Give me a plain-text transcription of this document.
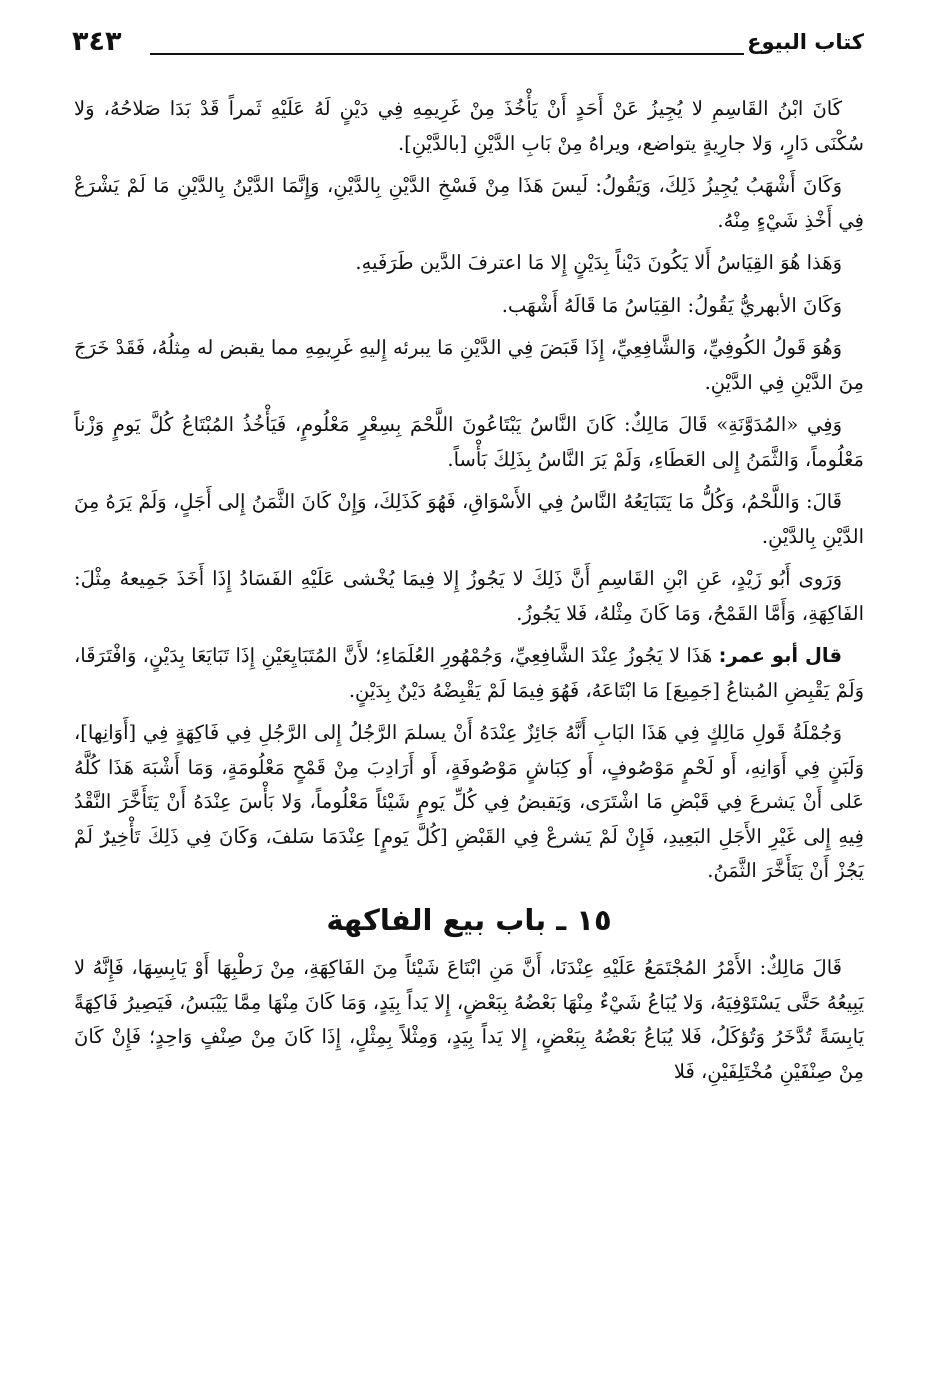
كتاب البيوع
٣٤٣

كَانَ ابْنُ القَاسِمِ لا يُجِيزُ عَنْ أَحَدٍ أَنْ يَأْخُذَ مِنْ غَرِيمِهِ فِي دَيْنٍ لَهُ عَلَيْهِ ثَمراً قَدْ بَدَا صَلاحُهُ، وَلا سُكْنَى دَارٍ، وَلا جارِيةٍ يتواضع، ويراهُ مِنْ بَابِ الدَّيْنِ [بالدَّيْنِ].

وَكَانَ أَشْهَبُ يُجِيزُ ذَلِكَ، وَيَقُولُ: لَيسَ هَذَا مِنْ فَسْخِ الدَّيْنِ بِالدَّيْنِ، وَإِنَّمَا الدَّيْنُ بِالدَّيْنِ مَا لَمْ يَشْرَعْ فِي أَخْذِ شَيْءٍ مِنْهُ.

وَهَذا هُوَ القِيَاسُ أَلا يَكُونَ دَيْناً بِدَيْنٍ إِلا مَا اعترفَ الدَّين طَرَفَيهِ.

وَكَانَ الأبهريُّ يَقُولُ: القِيَاسُ مَا قَالَهُ أَشْهَب.

وَهُوَ قَولُ الكُوفِيِّ، وَالشَّافِعِيِّ، إِذَا قَبَضَ فِي الدَّيْنِ مَا يبرئه إِليهِ غَرِيمِهِ مما يقبض له مِثلُهُ، فَقَدْ خَرَجَ مِنَ الدَّيْنِ فِي الدَّيْنِ.

وَفِي «المُدَوَّنَةِ» قَالَ مَالِكٌ: كَانَ النَّاسُ يَبْتَاعُونَ اللَّحْمَ بِسِعْرٍ مَعْلُومٍ، فَيَأْخُذُ المُبْتَاعُ كُلَّ يَومٍ وَزْناً مَعْلُوماً، وَالثَّمَنُ إِلى العَطَاءِ، وَلَمْ يَرَ النَّاسُ بِذَلِكَ بَأْساً.

قَالَ: وَاللَّحْمُ، وَكُلُّ مَا يَتَبَايَعُهُ النَّاسُ فِي الأَسْوَاقِ، فَهُوَ كَذَلِكَ، وَإِنْ كَانَ الثَّمَنُ إِلى أَجَلٍ، وَلَمْ يَرَهُ مِنَ الدَّيْنِ بِالدَّيْنِ.

وَرَوى أَبُو زَيْدٍ، عَنِ ابْنِ القَاسِمِ أَنَّ ذَلِكَ لا يَجُوزُ إِلا فِيمَا يُخْشى عَلَيْهِ الفَسَادُ إِذَا أَخَذَ جَمِيعهُ مِثْلَ: الفَاكِهَةِ، وَأَمَّا القَمْحُ، وَمَا كَانَ مِثْلهُ، فَلا يَجُوزُ.

قال أبو عمر: هَذَا لا يَجُوزُ عِنْدَ الشَّافِعِيِّ، وَجُمْهُورِ العُلَمَاءِ؛ لأَنَّ المُتَبَايِعَيْنِ إِذَا تَبَايَعَا بِدَيْنٍ، وَافْتَرَقَا، وَلَمْ يَقْبِضِ المُبتاعُ [جَمِيعَ] مَا ابْتَاعَهُ، فَهُوَ فِيمَا لَمْ يَقْبِضْهُ دَيْنٌ بِدَيْنٍ.

وَجُمْلَةُ قَولِ مَالِكٍ فِي هَذَا البَابِ أَنَّهُ جَائِزٌ عِنْدَهُ أَنْ يسلمَ الرَّجُلُ إِلى الرَّجُلِ فِي فَاكِهَةٍ فِي [أَوَانِها]، وَلَبَنٍ فِي أَوَانِهِ، أَو لَحْمٍ مَوْصُوفٍ، أَو كِبَاشٍ مَوْصُوفَةٍ، أَو أَرَادِبَ مِنْ قَمْحٍ مَعْلُومَةٍ، وَمَا أَشْبَهَ هَذَا كُلَّهُ عَلى أَنْ يَشرعَ فِي قَبْضِ مَا اشْتَرَى، وَيَقبضُ فِي كُلِّ يَومٍ شَيْئاً مَعْلُوماً، وَلا بَأْسَ عِنْدَهُ أَنْ يَتَأَخَّرَ النَّقْدُ فِيهِ إِلى غَيْرِ الأَجَلِ البَعِيدِ، فَإِنْ لَمْ يَشرعْ فِي القَبْضِ [كُلَّ يَومٍ] عِنْدَمَا سَلفَ، وَكَانَ فِي ذَلِكَ تَأْخِيرٌ لَمْ يَجُزْ أَنْ يَتَأَخَّرَ الثَّمَنُ.

١٥ ـ باب بيع الفاكهة

قَالَ مَالِكٌ: الأَمْرُ المُجْتَمَعُ عَلَيْهِ عِنْدَنَا، أَنَّ مَنِ ابْتَاعَ شَيْئاً مِنَ الفَاكِهَةِ، مِنْ رَطْبِهَا أَوْ يَابِسِهَا، فَإِنَّهُ لا يَبِيعُهُ حَتَّى يَسْتَوْفِيَهُ، وَلا يُبَاعُ شَيْءٌ مِنْهَا بَعْضُهُ بِبَعْضٍ، إِلا يَداً بِيَدٍ، وَمَا كَانَ مِنْهَا مِمَّا يَيْبَسُ، فَيَصِيرُ فَاكِهَةً يَابِسَةً تُدَّخَرُ وَتُؤكَلُ، فَلا يُبَاعُ بَعْضُهُ بِبَعْضٍ، إِلا يَداً بِيَدٍ، وَمِثْلاً بِمِثْلٍ، إِذَا كَانَ مِنْ صِنْفٍ وَاحِدٍ؛ فَإِنْ كَانَ مِنْ صِنْفَيْنِ مُخْتَلِفَيْنِ، فَلا
